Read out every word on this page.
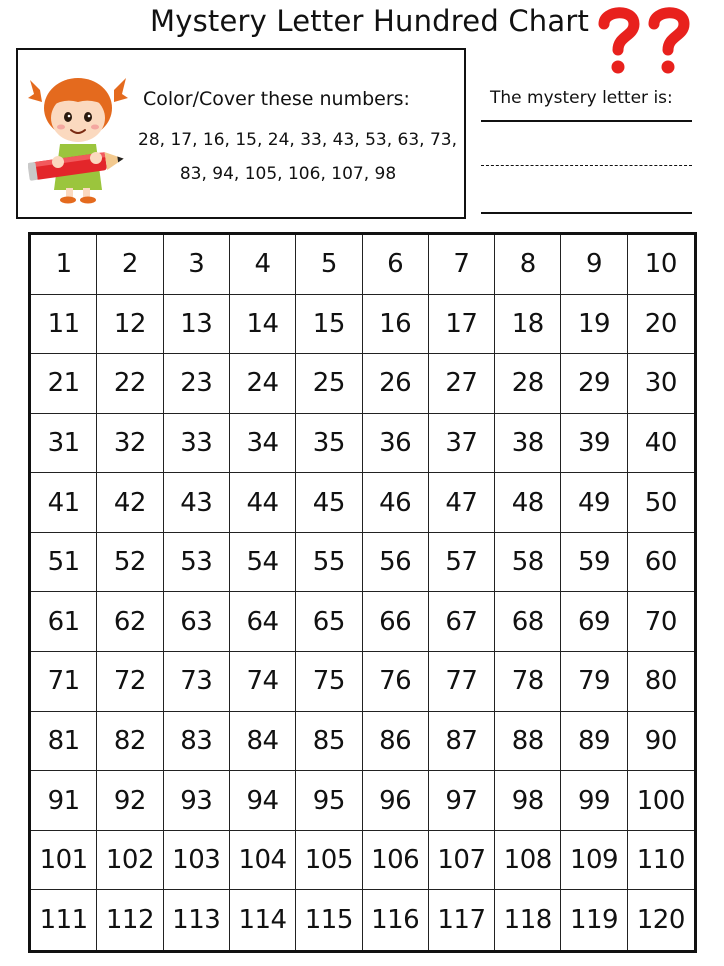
Mystery Letter Hundred Chart
Color/Cover these numbers:
28, 17, 16, 15, 24, 33, 43, 53, 63, 73,
83, 94, 105, 106, 107, 98
The mystery letter is:
1	2	3	4	5	6	7	8	9	10
11	12	13	14	15	16	17	18	19	20
21	22	23	24	25	26	27	28	29	30
31	32	33	34	35	36	37	38	39	40
41	42	43	44	45	46	47	48	49	50
51	52	53	54	55	56	57	58	59	60
61	62	63	64	65	66	67	68	69	70
71	72	73	74	75	76	77	78	79	80
81	82	83	84	85	86	87	88	89	90
91	92	93	94	95	96	97	98	99	100
101 102 103 104 105 106 107 108 109 110
111 112 113 114 115 116 117 118 119 120
